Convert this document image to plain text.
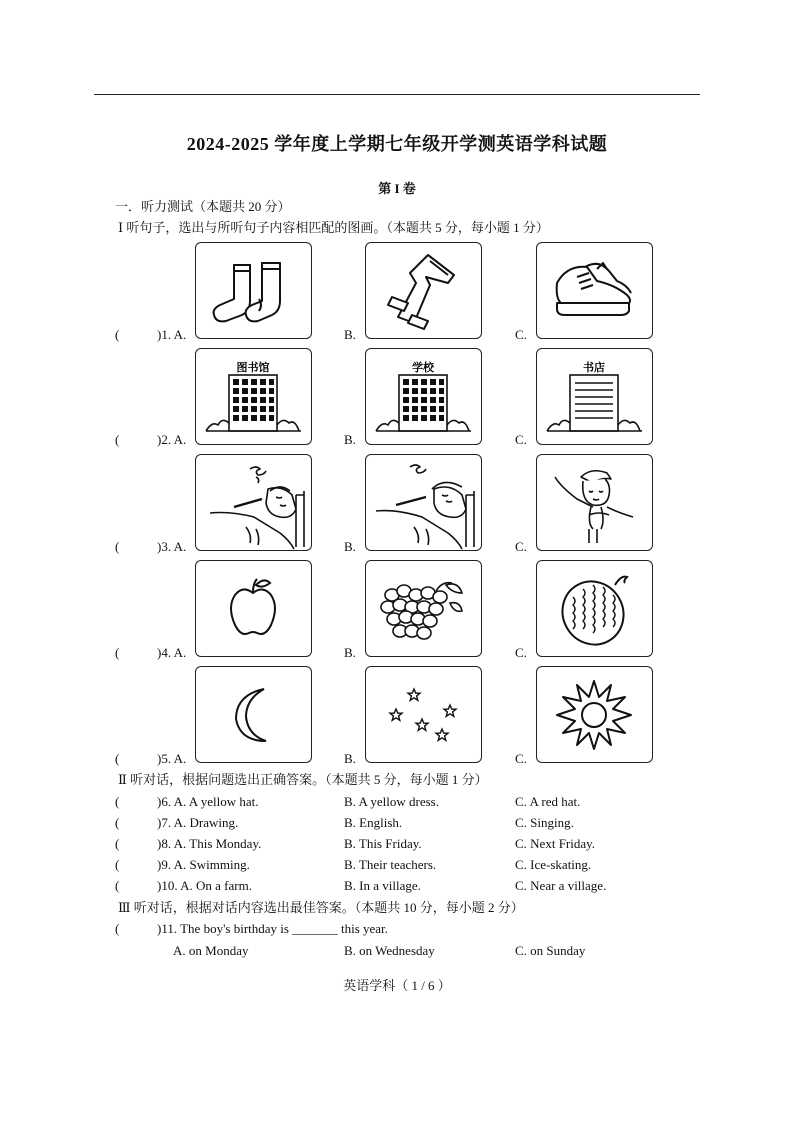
2024-2025 学年度上学期七年级开学测英语学科试题
第 I 卷
一．听力测试（本题共 20 分）
Ⅰ 听句子，选出与所听句子内容相匹配的图画。（本题共 5 分，每小题 1 分）
(	)1. A.	B.	C.
(	)2. A.
图书馆
B.
学校
C.
书店
(	)3. A.	B.	C.
(	)4. A.	B.	C.
(	)5. A.	B.	C.
Ⅱ 听对话，根据问题选出正确答案。（本题共 5 分，每小题 1 分）
(	)6. A. A yellow hat.	B. A yellow dress.	C. A red hat.
(	)7. A. Drawing.	B. English.	C. Singing.
(	)8. A. This Monday.	B. This Friday.	C. Next Friday.
(	)9. A. Swimming.	B. Their teachers.	C. Ice-skating.
(	)10. A. On a farm.	B. In a village.	C. Near a village.
Ⅲ 听对话，根据对话内容选出最佳答案。（本题共 10 分，每小题 2 分）
(	)11. The boy's birthday is _______ this year.
A. on Monday	B. on Wednesday	C. on Sunday
英语学科（ 1 / 6 ）
